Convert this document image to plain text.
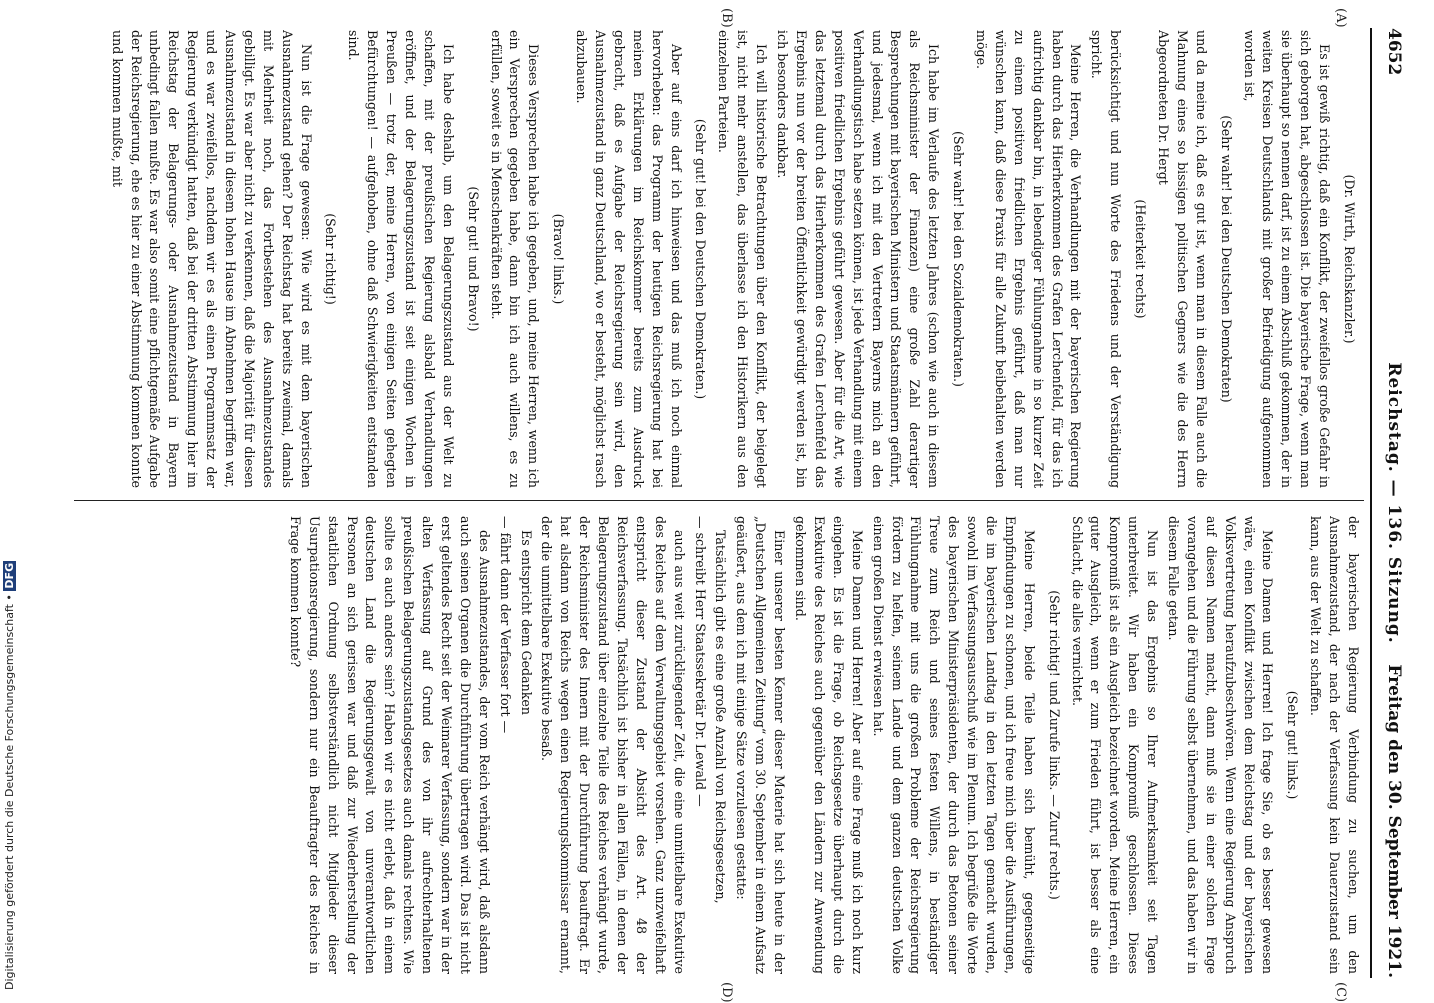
4652
Reichstag. — 136. Sitzung.
Freitag den 30. September 1921.
(A)
(B)
(C)
(D)
(Dr. Wirth, Reichskanzler.)

Es ist gewiß richtig, daß ein Konflikt, der zweifellos große Gefahr in sich geborgen hat, abgeschlossen ist. Die bayerische Frage, wenn man sie überhaupt so nennen darf, ist zu einem Abschluß gekommen, der in weiten Kreisen Deutschlands mit großer Befriedigung aufgenommen worden ist,

(Sehr wahr! bei den Deutschen Demokraten)

und da meine ich, daß es gut ist, wenn man in diesem Falle auch die Mahnung eines so bissigen politischen Gegners wie die des Herrn Abgeordneten Dr. Hergt

(Heiterkeit rechts)

berücksichtigt und nun Worte des Friedens und der Verständigung spricht.

Meine Herren, die Verhandlungen mit der bayerischen Regierung haben durch das Hierherkommen des Grafen Lerchenfeld, für das ich aufrichtig dankbar bin, in lebendiger Fühlungnahme in so kurzer Zeit zu einem positiven friedlichen Ergebnis geführt, daß man nur wünschen kann, daß diese Praxis für alle Zukunft beibehalten werden möge.

(Sehr wahr! bei den Sozialdemokraten.)

Ich habe im Verlaufe des letzten Jahres (schon wie auch in diesem als Reichsminister der Finanzen) eine große Zahl derartiger Besprechungen mit bayerischen Ministern und Staatsmännern geführt, und jedesmal, wenn ich mit den Vertretern Bayerns mich an den Verhandlungstisch habe setzen können, ist jede Verhandlung mit einem positiven friedlichen Ergebnis geführt gewesen. Aber für die Art, wie das letztemal durch das Hierherkommen des Grafen Lerchenfeld das Ergebnis nun vor der breiten Öffentlichkeit gewürdigt werden ist, bin ich besonders dankbar.

Ich will historische Betrachtungen über den Konflikt, der beigelegt ist, nicht mehr anstellen, das überlasse ich den Historikern aus den einzelnen Parteien.

(Sehr gut! bei den Deutschen Demokraten.)

Aber auf eins darf ich hinweisen und das muß ich noch einmal hervorheben: das Programm der heutigen Reichsregierung hat bei meinen Erklärungen im Reichskommer bereits zum Ausdruck gebracht, daß es Aufgabe der Reichsregierung sein wird, den Ausnahmezustand in ganz Deutschland, wo er besteht, möglichst rasch abzubauen.

(Bravo! links.)

Dieses Versprechen habe ich gegeben, und, meine Herren, wenn ich ein Versprechen gegeben habe, dann bin ich auch willens, es zu erfüllen, soweit es in Menschenkräften steht.

(Sehr gut! und Bravo!)

Ich habe deshalb, um den Belagerungszustand aus der Welt zu schaffen, mit der preußischen Regierung alsbald Verhandlungen eröffnet, und der Belagerungszustand ist seit einigen Wochen in Preußen — trotz der, meine Herren, von einigen Seiten gehegten Befürchtungen! — aufgehoben, ohne daß Schwierigkeiten entstanden sind.

(Sehr richtig!)

Nun ist die Frage gewesen: Wie wird es mit dem bayerischen Ausnahmezustand gehen? Der Reichstag hat bereits zweimal, damals mit Mehrheit noch, das Fortbestehen des Ausnahmezustandes gebilligt. Es war aber nicht zu verkennen, daß die Majorität für diesen Ausnahmezustand in diesem hohen Hause im Abnehmen begriffen war, und es war zweifellos, nachdem wir es als einen Programmsatz der Regierung verkündigt hatten, daß bei der dritten Abstimmung hier im Reichstag der Belagerungs- oder Ausnahmezustand in Bayern unbedingt fallen mußte. Es war also somit eine pflichtgemäße Aufgabe der Reichsregierung, ehe es hier zu einer Abstimmung kommen konnte und kommen mußte, mit

der bayerischen Regierung Verbindung zu suchen, um den Ausnahmezustand, der nach der Verfassung kein Dauerzustand sein kann, aus der Welt zu schaffen.

(Sehr gut! links.)

Meine Damen und Herren! Ich frage Sie, ob es besser gewesen wäre, einen Konflikt zwischen dem Reichstag und der bayerischen Volksvertretung heraufzubeschwören. Wenn eine Regierung Anspruch auf diesen Namen macht, dann muß sie in einer solchen Frage vorangehen und die Führung selbst übernehmen, und das haben wir in diesem Falle getan.

Nun ist das Ergebnis so Ihrer Aufmerksamkeit seit Tagen unterbreitet. Wir haben ein Kompromiß geschlossen. Dieses Kompromiß ist als ein Ausgleich bezeichnet worden. Meine Herren, ein guter Ausgleich, wenn er zum Frieden führt, ist besser als eine Schlacht, die alles vernichtet.

(Sehr richtig! und Zurufe links. — Zuruf rechts.)

Meine Herren, beide Teile haben sich bemüht, gegenseitige Empfindungen zu schonen, und ich freue mich über die Ausführungen, die im bayerischen Landtag in den letzten Tagen gemacht wurden, sowohl im Verfassungsausschuß wie im Plenum. Ich begrüße die Worte des bayerischen Ministerpräsidenten, der durch das Betonen seiner Treue zum Reich und seines festen Willens, in beständiger Fühlungnahme mit uns die großen Probleme der Reichsregierung fördern zu helfen, seinem Lande und dem ganzen deutschen Volke einen großen Dienst erwiesen hat.

Meine Damen und Herren! Aber auf eine Frage muß ich noch kurz eingehen. Es ist die Frage, ob Reichsgesetze überhaupt durch die Exekutive des Reiches auch gegenüber den Ländern zur Anwendung gekommen sind.

Einer unserer besten Kenner dieser Materie hat sich heute in der „Deutschen Allgemeinen Zeitung“ vom 30. September in einem Aufsatz geäußert, aus dem ich mit einige Sätze vorzulesen gestatte:

Tatsächlich gibt es eine große Anzahl von Reichsgesetzen,

— schreibt Herr Staatssekretär Dr. Lewald —

auch aus weit zurückliegender Zeit, die eine unmittelbare Exekutive des Reiches auf dem Verwaltungsgebiet vorsehen. Ganz unzweifelhaft entspricht dieser Zustand der Absicht des Art. 48 der Reichsverfassung. Tatsächlich ist bisher in allen Fällen, in denen der Belagerungszustand über einzelne Teile des Reiches verhängt wurde, der Reichsminister des Innern mit der Durchführung beauftragt. Er hat alsdann von Reichs wegen einen Regierungskommissar ernannt, der die unmittelbare Exekutive besaß.

Es entspricht dem Gedanken

— fährt dann der Verfasser fort —

des Ausnahmezustandes, der vom Reich verhängt wird, daß alsdann auch seinen Organen die Durchführung übertragen wird. Das ist nicht erst geltendes Recht seit der Weimarer Verfassung, sondern war in der alten Verfassung auf Grund des von ihr aufrechterhaltenen preußischen Belagerungszustandsgesetzes auch damals rechtens. Wie sollte es auch anders sein? Haben wir es nicht erlebt, daß in einem deutschen Land die Regierungsgewalt von unverantwortlichen Personen an sich gerissen war und daß zur Wiederherstellung der staatlichen Ordnung selbstverständlich nicht Mitglieder dieser Usurpationsregierung, sondern nur ein Beauftragter des Reiches in Frage kommen konnte?

Digitalisierung gefördert durch die Deutsche Forschungsgemeinschaft • DFG
